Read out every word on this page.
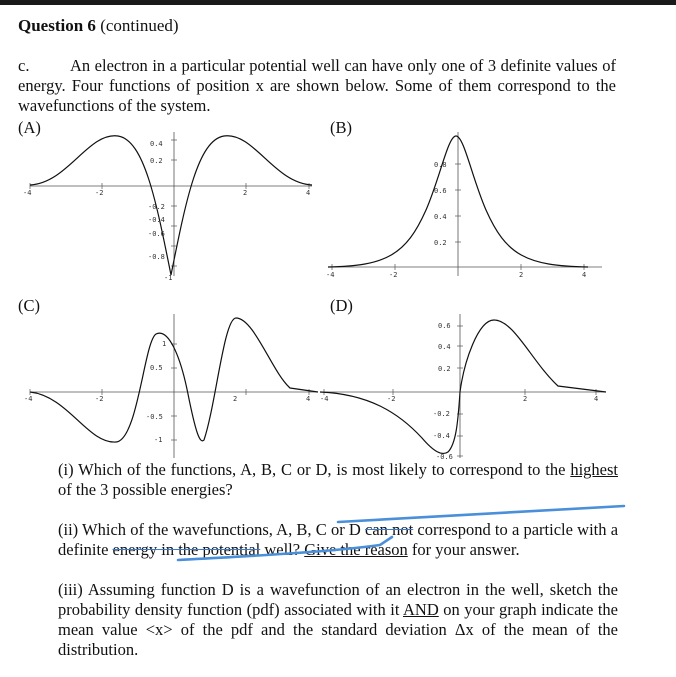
Question 6 (continued)
c. An electron in a particular potential well can have only one of 3 definite values of energy. Four functions of position x are shown below. Some of them correspond to the wavefunctions of the system.
(A)	(B)
(C)	(D)
-4	-2	2	4
0.4
0.2
-0.2
-0.4
-0.6
-0.8
-1	-4	-2	2	4
0.8
0.6
0.4
0.2
-4	-2	2	4
1
0.5
-0.5
-1
-4	-2	2	4
0.6
0.4
0.2
-0.2
-0.4
-0.6
(i) Which of the functions, A, B, C or D, is most likely to correspond to the highest of the 3 possible energies?
(ii) Which of the wavefunctions, A, B, C or D can not correspond to a particle with a definite energy in the potential well? Give the reason for your answer.
(iii) Assuming function D is a wavefunction of an electron in the well, sketch the probability density function (pdf) associated with it AND on your graph indicate the mean value <x> of the pdf and the standard deviation Δx of the mean of the distribution.
